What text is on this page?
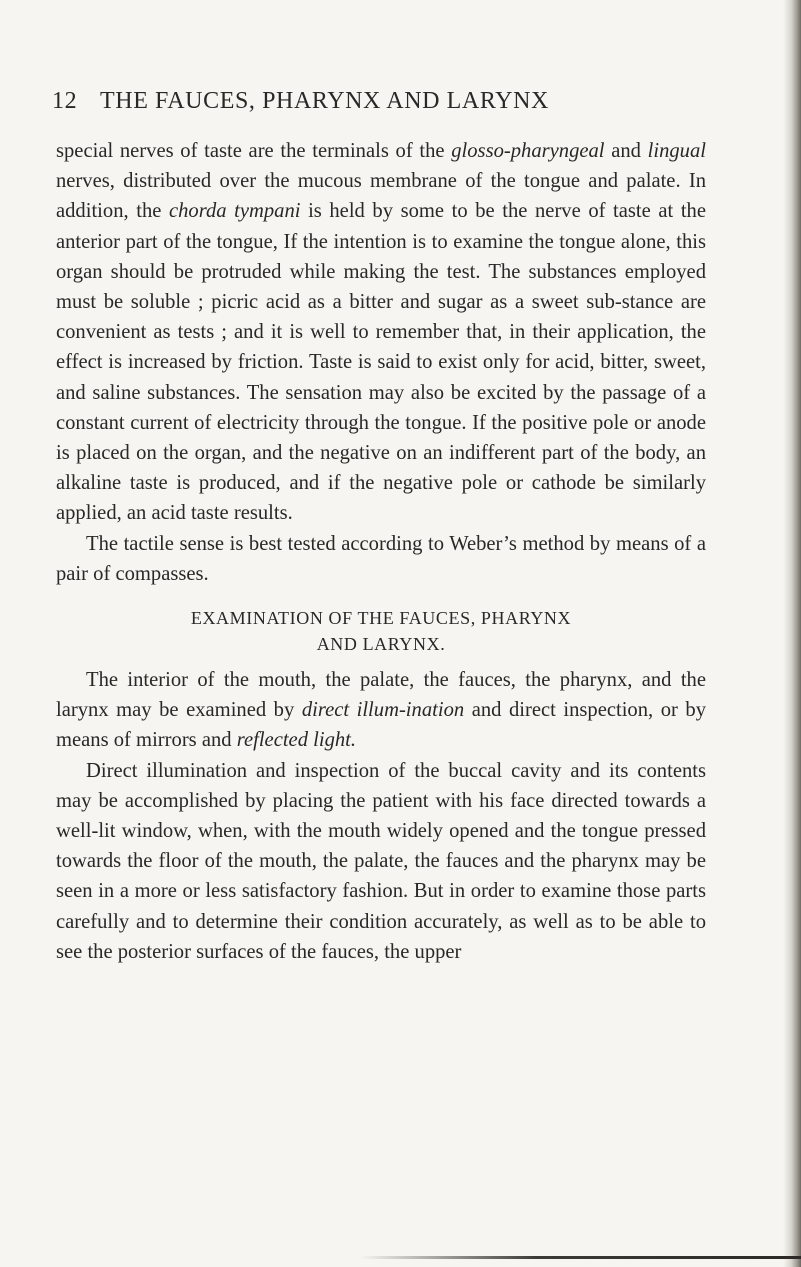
12 THE FAUCES, PHARYNX AND LARYNX

special nerves of taste are the terminals of the glosso-pharyngeal and lingual nerves, distributed over the mucous membrane of the tongue and palate. In addition, the chorda tympani is held by some to be the nerve of taste at the anterior part of the tongue, If the intention is to examine the tongue alone, this organ should be protruded while making the test. The substances employed must be soluble ; picric acid as a bitter and sugar as a sweet sub-stance are convenient as tests ; and it is well to remember that, in their application, the effect is increased by friction. Taste is said to exist only for acid, bitter, sweet, and saline substances. The sensation may also be excited by the passage of a constant current of electricity through the tongue. If the positive pole or anode is placed on the organ, and the negative on an indifferent part of the body, an alkaline taste is produced, and if the negative pole or cathode be similarly applied, an acid taste results.

The tactile sense is best tested according to Weber’s method by means of a pair of compasses.

EXAMINATION OF THE FAUCES, PHARYNX
AND LARYNX.

The interior of the mouth, the palate, the fauces, the pharynx, and the larynx may be examined by direct illum-ination and direct inspection, or by means of mirrors and reflected light.

Direct illumination and inspection of the buccal cavity and its contents may be accomplished by placing the patient with his face directed towards a well-lit window, when, with the mouth widely opened and the tongue pressed towards the floor of the mouth, the palate, the fauces and the pharynx may be seen in a more or less satisfactory fashion. But in order to examine those parts carefully and to determine their condition accurately, as well as to be able to see the posterior surfaces of the fauces, the upper
